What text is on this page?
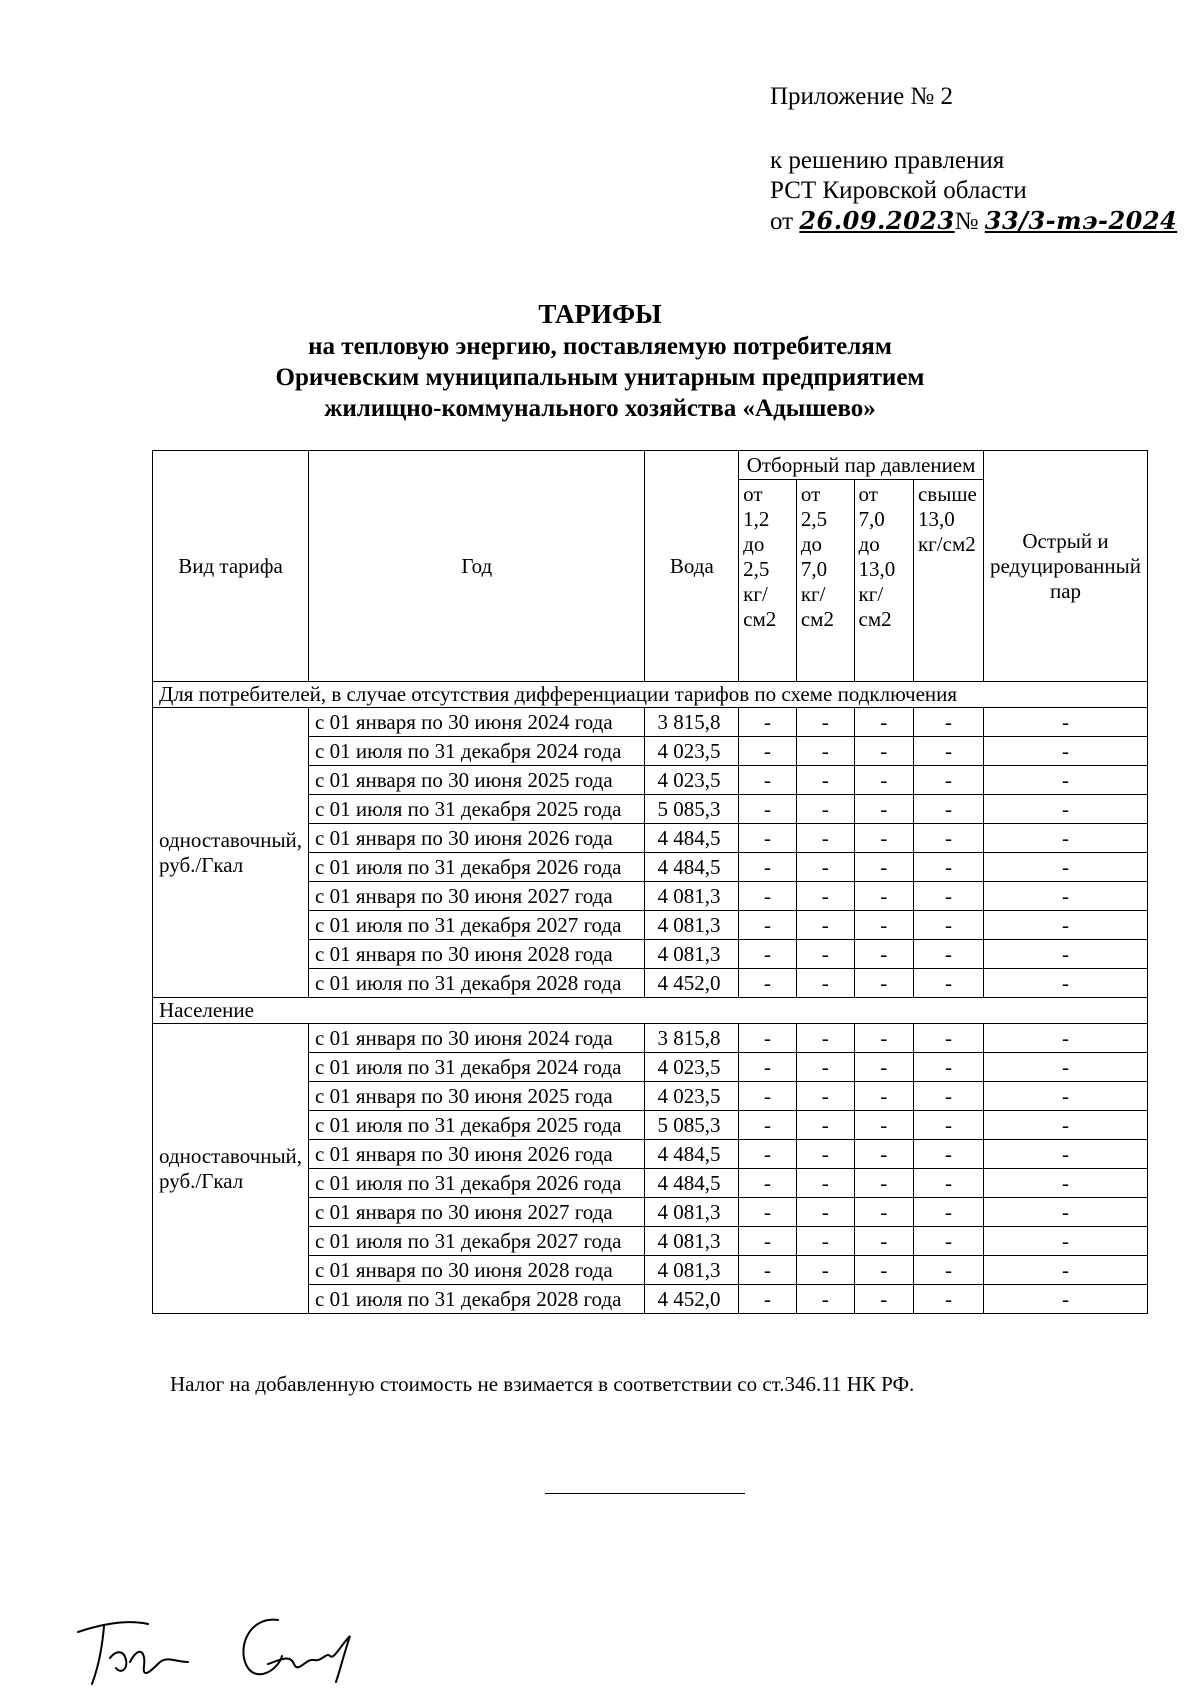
Приложение № 2
к решению правления
РСТ Кировской области
от 26.09.2023№ 33/3-тэ-2024
ТАРИФЫ
на тепловую энергию, поставляемую потребителям
Оричевским муниципальным унитарным предприятием
жилищно-коммунального хозяйства «Адышево»
Вид тарифа	Год	Вода	Отборный пар давлением				Острый и редуцированный пар
			от 1,2 до 2,5 кг/см2	от 2,5 до 7,0 кг/см2	от 7,0 до 13,0 кг/см2	свыше 13,0 кг/см2	
Для потребителей, в случае отсутствия дифференциации тарифов по схеме подключения							
одноставочный, руб./Гкал	с 01 января по 30 июня 2024 года	3 815,8	-	-	-	-	-
	с 01 июля по 31 декабря 2024 года	4 023,5	-	-	-	-	-
	с 01 января по 30 июня 2025 года	4 023,5	-	-	-	-	-
	с 01 июля по 31 декабря 2025 года	5 085,3	-	-	-	-	-
	с 01 января по 30 июня 2026 года	4 484,5	-	-	-	-	-
	с 01 июля по 31 декабря 2026 года	4 484,5	-	-	-	-	-
	с 01 января по 30 июня 2027 года	4 081,3	-	-	-	-	-
	с 01 июля по 31 декабря 2027 года	4 081,3	-	-	-	-	-
	с 01 января по 30 июня 2028 года	4 081,3	-	-	-	-	-
	с 01 июля по 31 декабря 2028 года	4 452,0	-	-	-	-	-
Население							
одноставочный, руб./Гкал	с 01 января по 30 июня 2024 года	3 815,8	-	-	-	-	-
	с 01 июля по 31 декабря 2024 года	4 023,5	-	-	-	-	-
	с 01 января по 30 июня 2025 года	4 023,5	-	-	-	-	-
	с 01 июля по 31 декабря 2025 года	5 085,3	-	-	-	-	-
	с 01 января по 30 июня 2026 года	4 484,5	-	-	-	-	-
	с 01 июля по 31 декабря 2026 года	4 484,5	-	-	-	-	-
	с 01 января по 30 июня 2027 года	4 081,3	-	-	-	-	-
	с 01 июля по 31 декабря 2027 года	4 081,3	-	-	-	-	-
	с 01 января по 30 июня 2028 года	4 081,3	-	-	-	-	-
	с 01 июля по 31 декабря 2028 года	4 452,0	-	-	-	-	-
Налог на добавленную стоимость не взимается в соответствии со ст.346.11 НК РФ.
